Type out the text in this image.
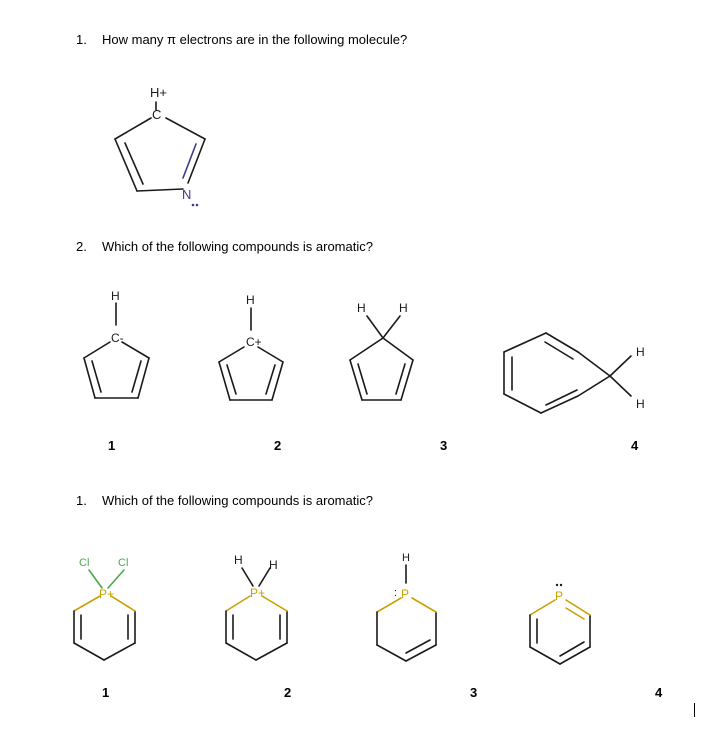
1. How many π electrons are in the following molecule?
2. Which of the following compounds is aromatic?
1. Which of the following compounds is aromatic?
1	2	3	4
1	2	3	4
H+
C
N
H
C-
H
C+
H	H
H
H
Cl	Cl
P+
H H
P+
H
P
:	P
